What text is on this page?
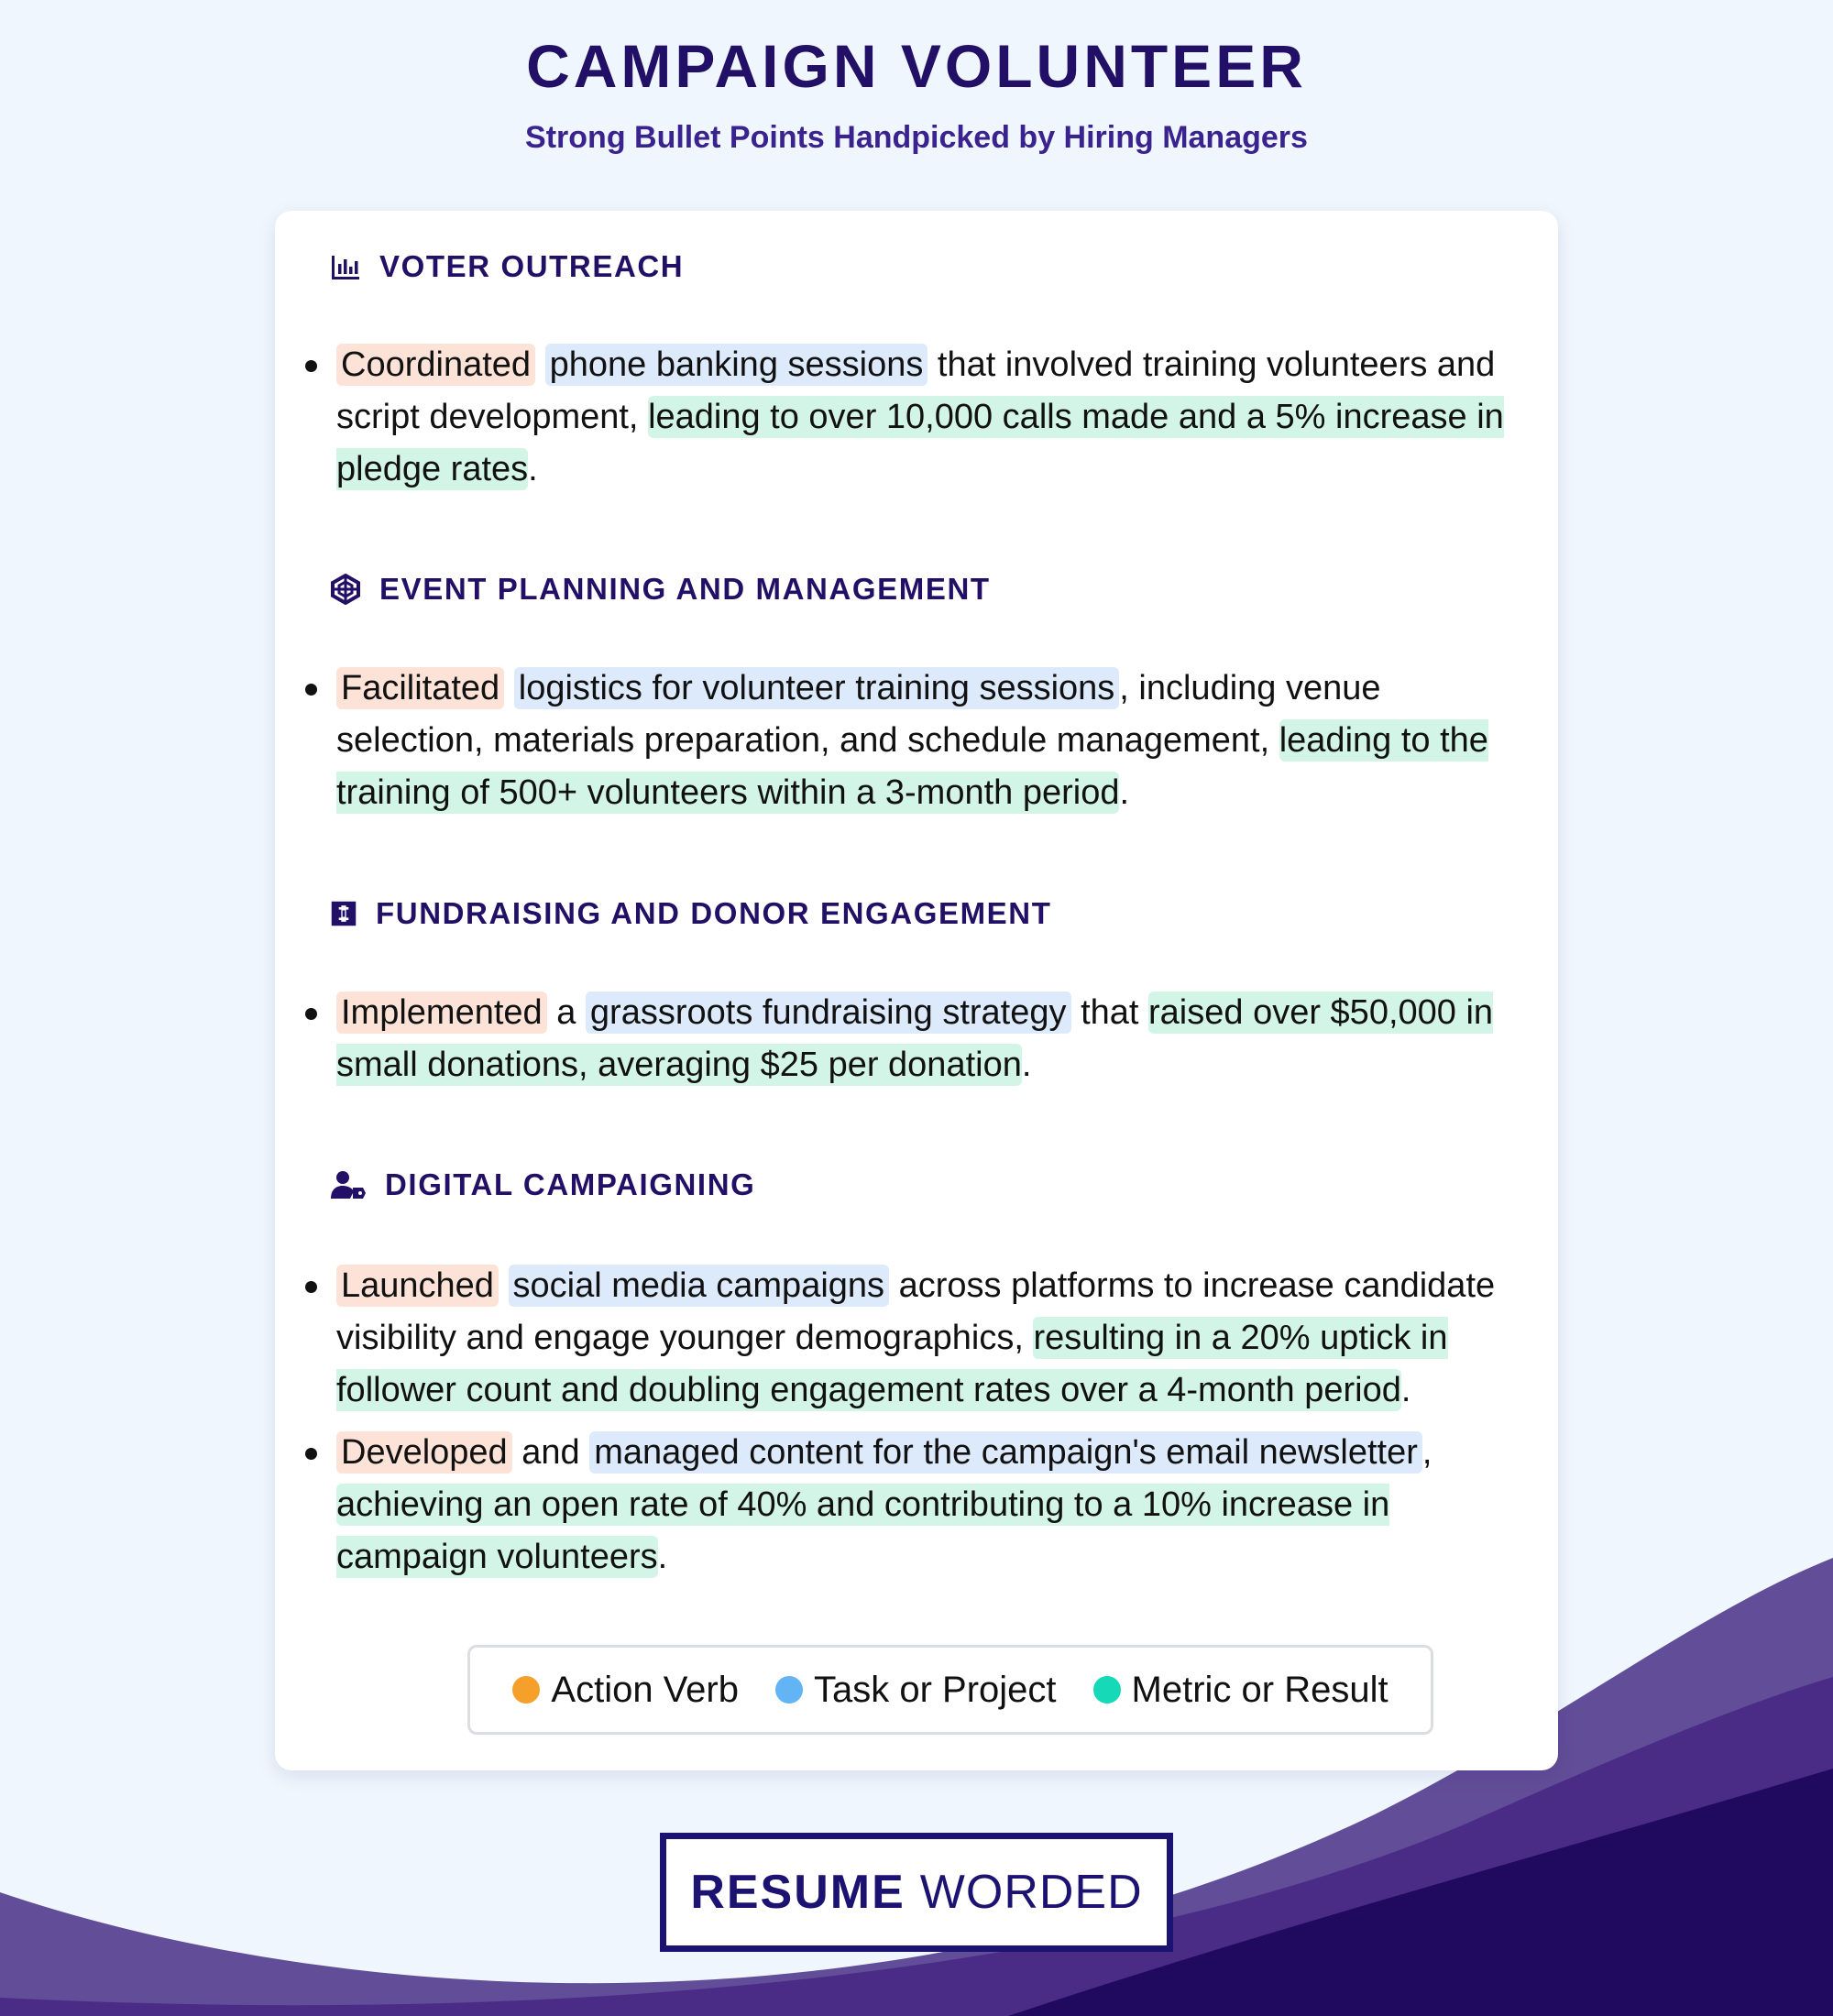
CAMPAIGN VOLUNTEER
Strong Bullet Points Handpicked by Hiring Managers
VOTER OUTREACH

Coordinated phone banking sessions that involved training volunteers and script development, leading to over 10,000 calls made and a 5% increase in pledge rates.

EVENT PLANNING AND MANAGEMENT

Facilitated logistics for volunteer training sessions , including venue selection, materials preparation, and schedule management, leading to the training of 500+ volunteers within a 3-month period.

FUNDRAISING AND DONOR ENGAGEMENT

Implemented a grassroots fundraising strategy that raised over $50,000 in small donations, averaging $25 per donation.

DIGITAL CAMPAIGNING

Launched social media campaigns across platforms to increase candidate visibility and engage younger demographics, resulting in a 20% uptick in follower count and doubling engagement rates over a 4-month period.

Developed and managed content for the campaign's email newsletter , achieving an open rate of 40% and contributing to a 10% increase in campaign volunteers.

Action Verb Task or Project Metric or Result
RESUME WORDED
